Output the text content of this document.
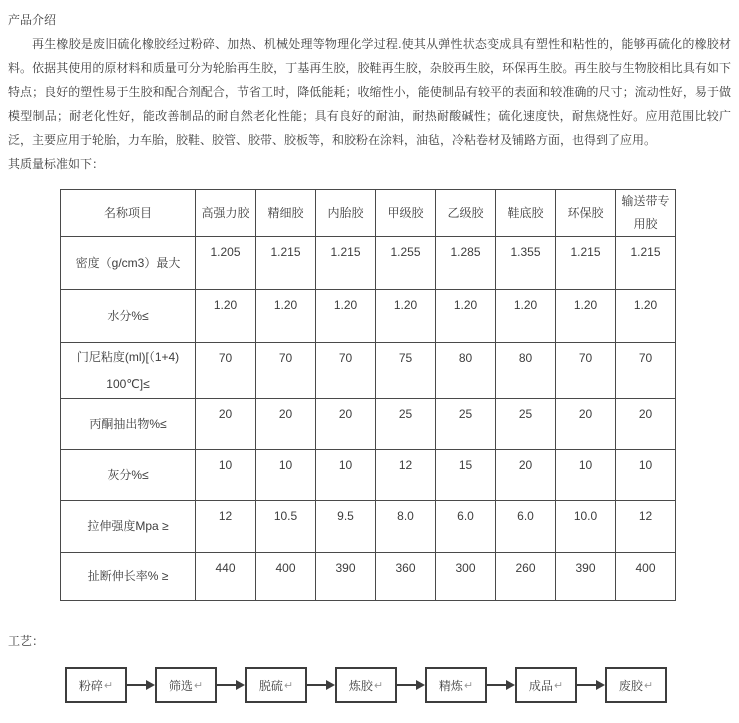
产品介绍
再生橡胶是废旧硫化橡胶经过粉碎、加热、机械处理等物理化学过程.使其从弹性状态变成具有塑性和粘性的，能够再硫化的橡胶材料。依据其使用的原材料和质量可分为轮胎再生胶，丁基再生胶，胶鞋再生胶，杂胶再生胶，环保再生胶。再生胶与生物胶相比具有如下特点；良好的塑性易于生胶和配合剂配合，节省工时，降低能耗；收缩性小，能使制品有较平的表面和较准确的尺寸；流动性好，易于做模型制品；耐老化性好，能改善制品的耐自然老化性能；具有良好的耐油，耐热耐酸碱性；硫化速度快，耐焦烧性好。应用范围比较广泛，主要应用于轮胎，力车胎，胶鞋、胶管、胶带、胶板等，和胶粉在涂料，油毡，冷粘卷材及铺路方面，也得到了应用。
其质量标准如下：
名称项目	高强力胶	精细胶	内胎胶	甲级胶	乙级胶	鞋底胶	环保胶	输送带专用胶
密度（g/cm3）最大	1.205	1.215	1.215	1.255	1.285	1.355	1.215	1.215
水分%≤	1.20	1.20	1.20	1.20	1.20	1.20	1.20	1.20
门尼粘度(ml)[（1+4) 100℃]≤	70	70	70	75	80	80	70	70
丙酮抽出物%≤	20	20	20	25	25	25	20	20
灰分%≤	10	10	10	12	15	20	10	10
拉伸强度Mpa ≥	12	10.5	9.5	8.0	6.0	6.0	10.0	12
扯断伸长率% ≥	440	400	390	360	300	260	390	400
工艺：
粉碎 ↵	筛选 ↵	脱硫 ↵	炼胶 ↵	精炼 ↵	成品 ↵	废胶 ↵
